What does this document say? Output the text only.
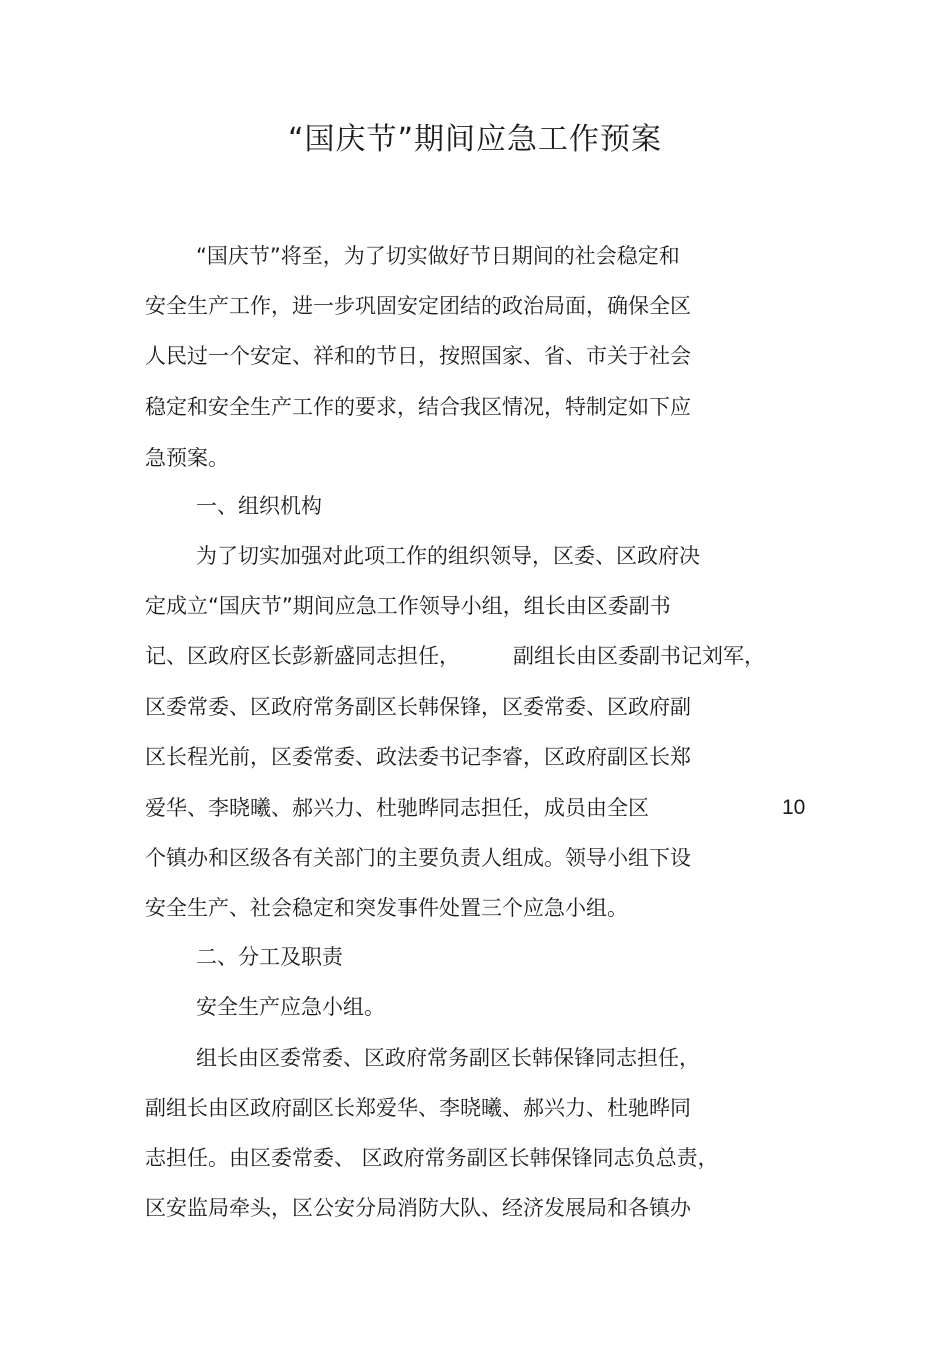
“国庆节”期间应急工作预案

“国庆节”将至，为了切实做好节日期间的社会稳定和

安全生产工作，进一步巩固安定团结的政治局面，确保全区

人民过一个安定、祥和的节日，按照国家、省、市关于社会

稳定和安全生产工作的要求，结合我区情况，特制定如下应

急预案。

一、组织机构

为了切实加强对此项工作的组织领导，区委、区政府决

定成立“国庆节”期间应急工作领导小组，组长由区委副书

记、区政府区长彭新盛同志担任，	副组长由区委副书记刘军，

区委常委、区政府常务副区长韩保锋，区委常委、区政府副

区长程光前，区委常委、政法委书记李睿，区政府副区长郑

爱华、李晓曦、郝兴力、杜驰晔同志担任，成员由全区	10

个镇办和区级各有关部门的主要负责人组成。领导小组下设

安全生产、社会稳定和突发事件处置三个应急小组。

二、分工及职责

安全生产应急小组。

组长由区委常委、区政府常务副区长韩保锋同志担任，

副组长由区政府副区长郑爱华、李晓曦、郝兴力、杜驰晔同

志担任。由区委常委、 区政府常务副区长韩保锋同志负总责，

区安监局牵头，区公安分局消防大队、经济发展局和各镇办
